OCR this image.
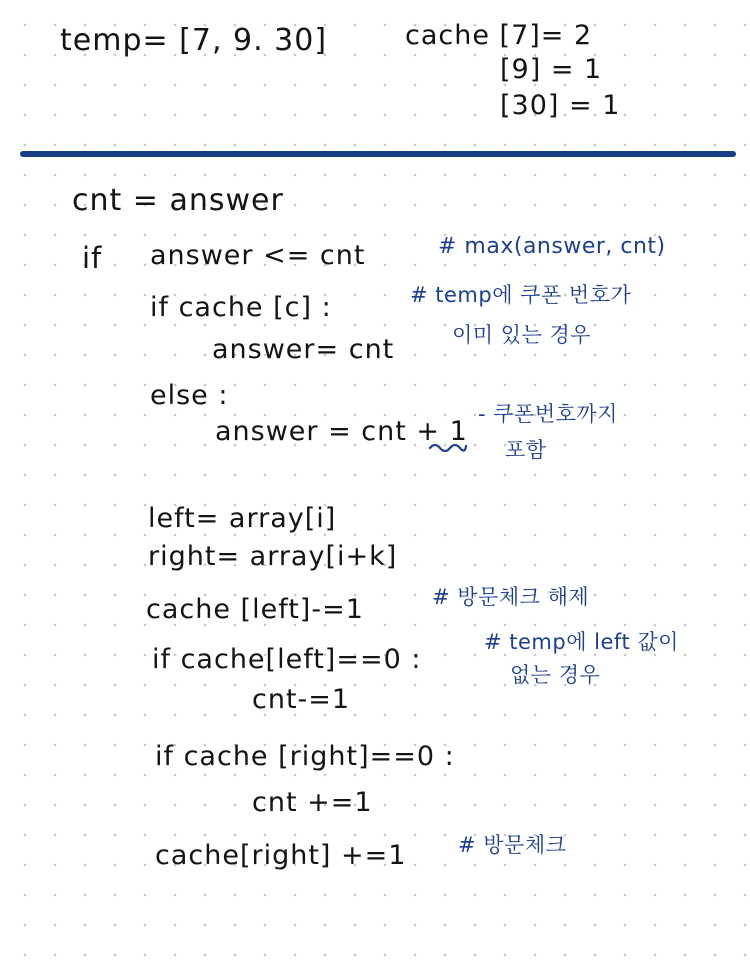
temp= [7, 9. 30]	cache [7]= 2
[9] = 1
[30] = 1
cnt = answer
if answer <= cnt	# max(answer, cnt)
if cache [c] :	# temp에 쿠폰 번호가
이미 있는 경우
answer= cnt
else :
answer = cnt + 1
- 쿠폰번호까지
포함
left= array[i]
right= array[i+k]
cache [left]-=1	# 방문체크 해제
if cache[left]==0 :
# temp에 left 값이
없는 경우
cnt-=1
if cache [right]==0 :
cnt +=1
cache[right] +=1 # 방문체크
